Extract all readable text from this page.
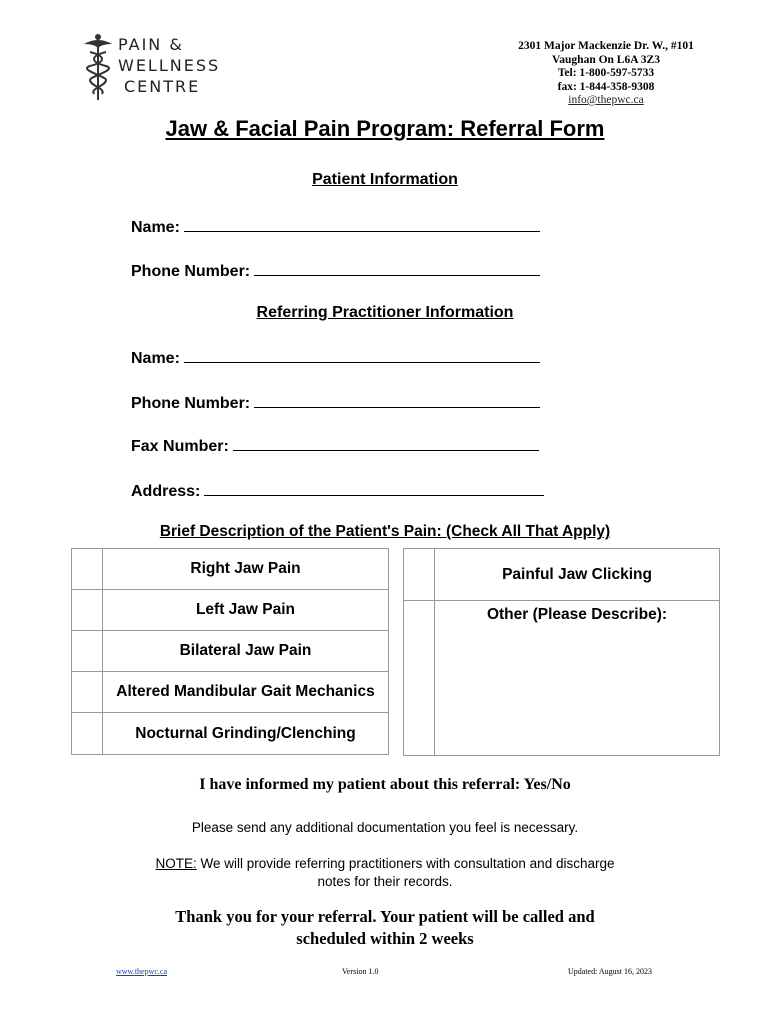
PAIN &
WELLNESS
CENTRE
2301 Major Mackenzie Dr. W., #101
Vaughan On L6A 3Z3
Tel: 1-800-597-5733
fax: 1-844-358-9308
info@thepwc.ca
Jaw & Facial Pain Program: Referral Form
Patient Information
Name:
Phone Number:
Referring Practitioner Information
Name:
Phone Number:
Fax Number:
Address:
Brief Description of the Patient's Pain: (Check All That Apply)
	Right Jaw Pain
	Left Jaw Pain
	Bilateral Jaw Pain
	Altered Mandibular Gait Mechanics
	Nocturnal Grinding/Clenching
	Painful Jaw Clicking
	Other (Please Describe):
I have informed my patient about this referral: Yes/No
Please send any additional documentation you feel is necessary.
NOTE: We will provide referring practitioners with consultation and discharge
notes for their records.
Thank you for your referral. Your patient will be called and
scheduled within 2 weeks
www.thepwc.ca	Version 1.0	Updated: August 16, 2023
